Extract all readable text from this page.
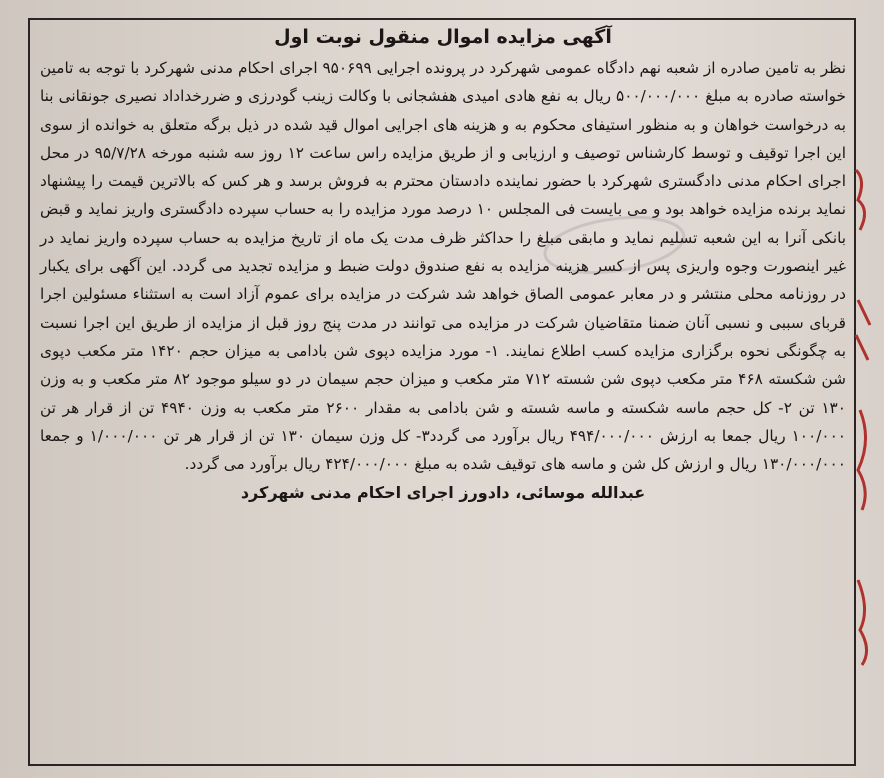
آگهی مزایده اموال منقول نوبت اول

نظر به تامین صادره از شعبه نهم دادگاه عمومی شهرکرد در پرونده اجرایی ۹۵۰۶۹۹ اجرای احکام مدنی شهرکرد با توجه به تامین خواسته صادره به مبلغ ۵۰۰/۰۰۰/۰۰۰ ریال به نفع هادی امیدی هفشجانی با وکالت زینب گودرزی و ضررخداداد نصیری جونقانی بنا به درخواست خواهان و به منظور استیفای محکوم به و هزینه های اجرایی اموال قید شده در ذیل برگه متعلق به خوانده از سوی این اجرا توقیف و توسط کارشناس توصیف و ارزیابی و از طریق مزایده راس ساعت ۱۲ روز سه شنبه مورخه ۹۵/۷/۲۸ در محل اجرای احکام مدنی دادگستری شهرکرد با حضور نماینده دادستان محترم به فروش برسد و هر کس که بالاترین قیمت را پیشنهاد نماید برنده مزایده خواهد بود و می بایست فی المجلس ۱۰ درصد مورد مزایده را به حساب سپرده دادگستری واریز نماید و قبض بانکی آنرا به این شعبه تسلیم نماید و مابقی مبلغ را حداکثر ظرف مدت یک ماه از تاریخ مزایده به حساب سپرده واریز نماید در غیر اینصورت وجوه واریزی پس از کسر هزینه مزایده به نفع صندوق دولت ضبط و مزایده تجدید می گردد. این آگهی برای یکبار در روزنامه محلی منتشر و در معابر عمومی الصاق خواهد شد شرکت در مزایده برای عموم آزاد است به استثناء مسئولین اجرا قربای سببی و نسبی آنان ضمنا متقاضیان شرکت در مزایده می توانند در مدت پنج روز قبل از مزایده از طریق این اجرا نسبت به چگونگی نحوه برگزاری مزایده کسب اطلاع نمایند. ۱- مورد مزایده دپوی شن بادامی به میزان حجم ۱۴۲۰ متر مکعب دپوی شن شکسته ۴۶۸ متر مکعب دپوی شن شسته ۷۱۲ متر مکعب و میزان حجم سیمان در دو سیلو موجود ۸۲ متر مکعب و به وزن ۱۳۰ تن ۲- کل حجم ماسه شکسته و ماسه شسته و شن بادامی به مقدار ۲۶۰۰ متر مکعب به وزن ۴۹۴۰ تن از قرار هر تن ۱۰۰/۰۰۰ ریال جمعا به ارزش ۴۹۴/۰۰۰/۰۰۰ ریال برآورد می گردد۳- کل وزن سیمان ۱۳۰ تن از قرار هر تن ۱/۰۰۰/۰۰۰ و جمعا ۱۳۰/۰۰۰/۰۰۰ ریال و ارزش کل شن و ماسه های توقیف شده به مبلغ ۴۲۴/۰۰۰/۰۰۰ ریال برآورد می گردد.

عبدالله موسائی، دادورز اجرای احکام مدنی شهرکرد
